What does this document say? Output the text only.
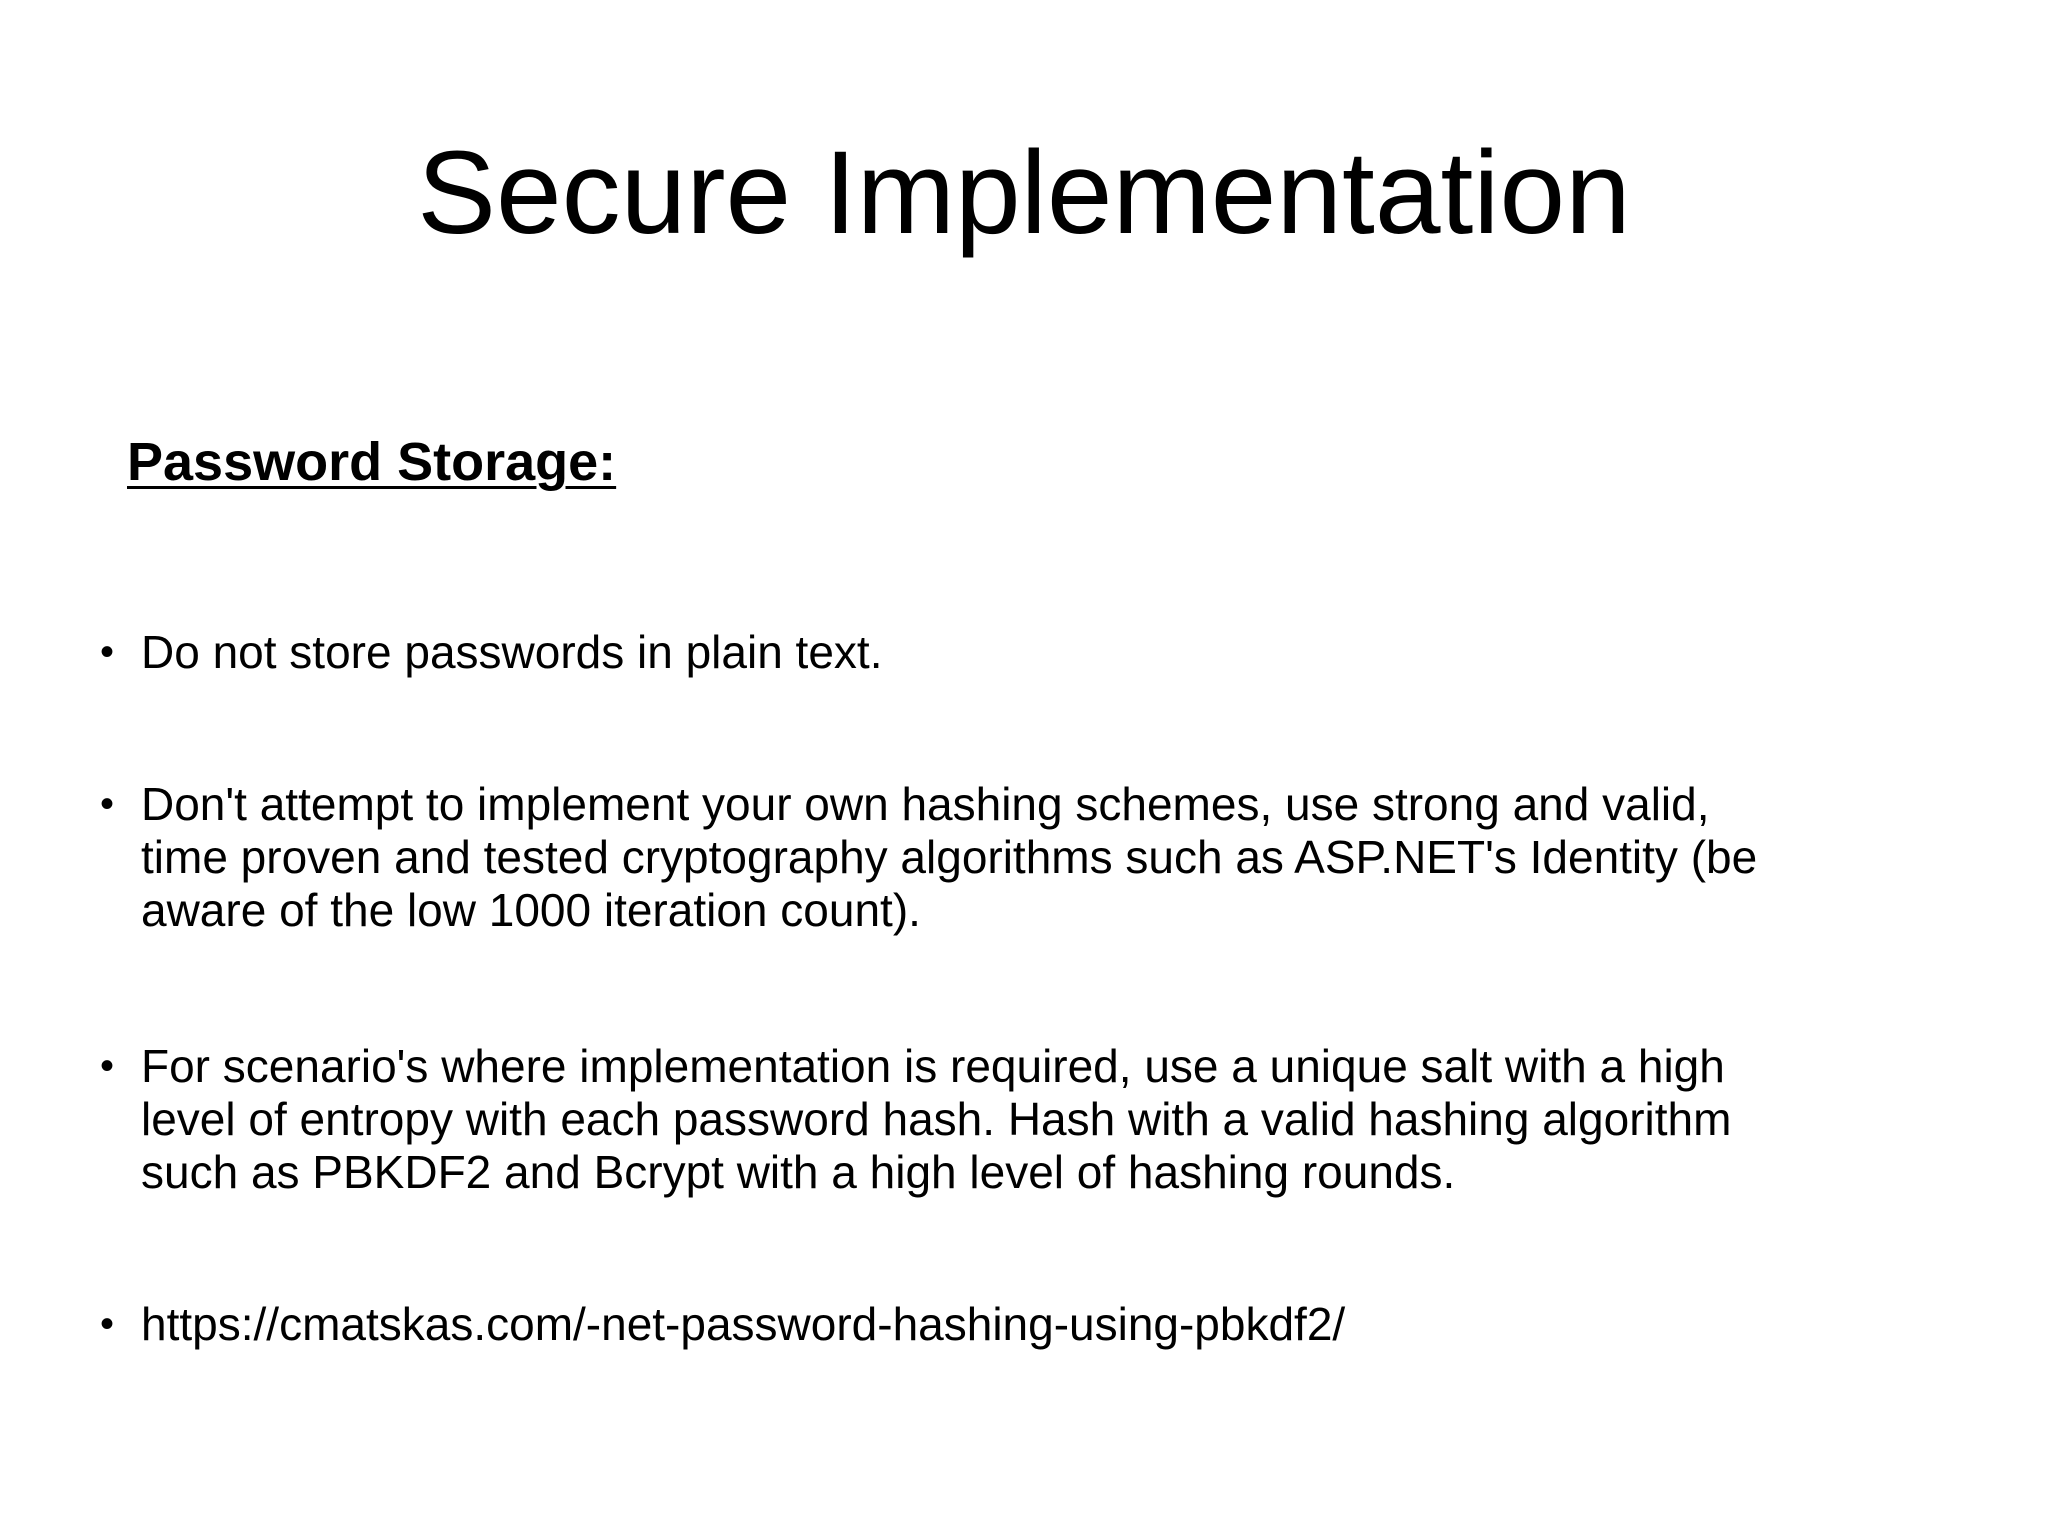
Secure Implementation
Password Storage:
• Do not store passwords in plain text.
• Don't attempt to implement your own hashing schemes, use strong and valid,
time proven and tested cryptography algorithms such as ASP.NET's Identity (be
aware of the low 1000 iteration count).
• For scenario's where implementation is required, use a unique salt with a high
level of entropy with each password hash. Hash with a valid hashing algorithm
such as PBKDF2 and Bcrypt with a high level of hashing rounds.
• https://cmatskas.com/-net-password-hashing-using-pbkdf2/
